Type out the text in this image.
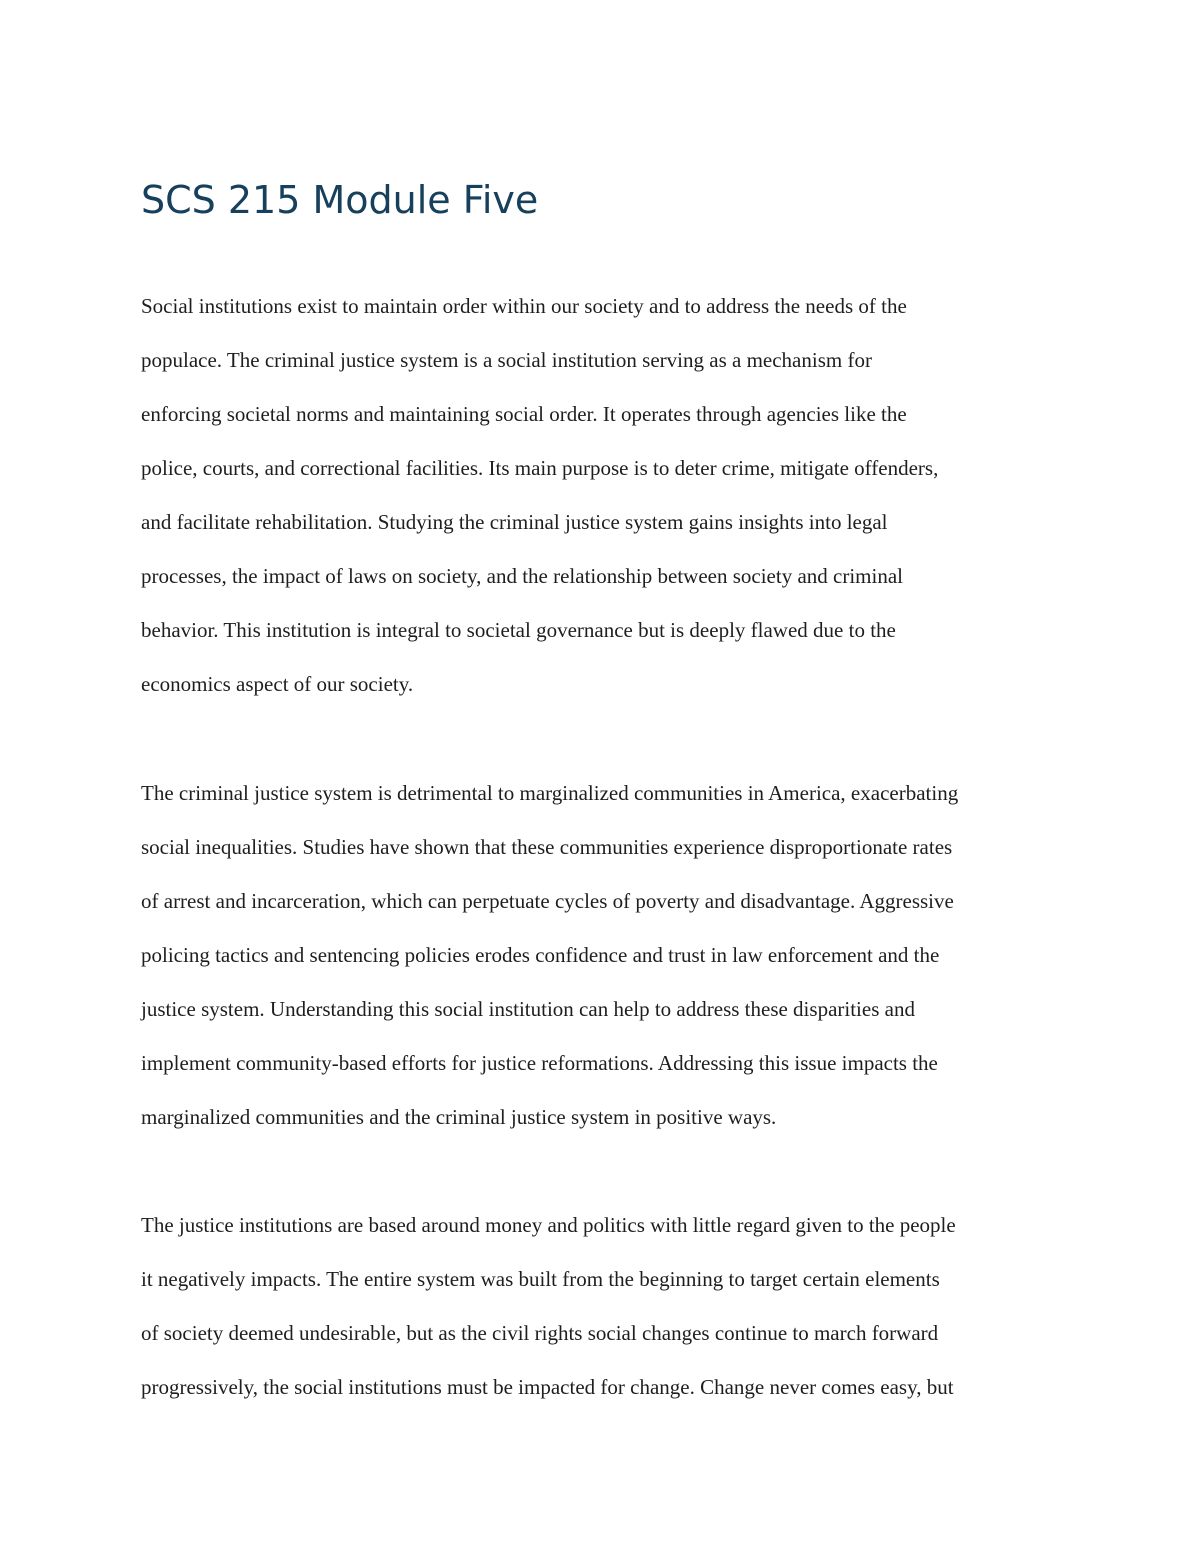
SCS 215 Module Five
Social institutions exist to maintain order within our society and to address the needs of the
populace. The criminal justice system is a social institution serving as a mechanism for
enforcing societal norms and maintaining social order. It operates through agencies like the
police, courts, and correctional facilities. Its main purpose is to deter crime, mitigate offenders,
and facilitate rehabilitation. Studying the criminal justice system gains insights into legal
processes, the impact of laws on society, and the relationship between society and criminal
behavior. This institution is integral to societal governance but is deeply flawed due to the
economics aspect of our society.
The criminal justice system is detrimental to marginalized communities in America, exacerbating
social inequalities. Studies have shown that these communities experience disproportionate rates
of arrest and incarceration, which can perpetuate cycles of poverty and disadvantage. Aggressive
policing tactics and sentencing policies erodes confidence and trust in law enforcement and the
justice system. Understanding this social institution can help to address these disparities and
implement community-based efforts for justice reformations. Addressing this issue impacts the
marginalized communities and the criminal justice system in positive ways.
The justice institutions are based around money and politics with little regard given to the people
it negatively impacts. The entire system was built from the beginning to target certain elements
of society deemed undesirable, but as the civil rights social changes continue to march forward
progressively, the social institutions must be impacted for change. Change never comes easy, but
